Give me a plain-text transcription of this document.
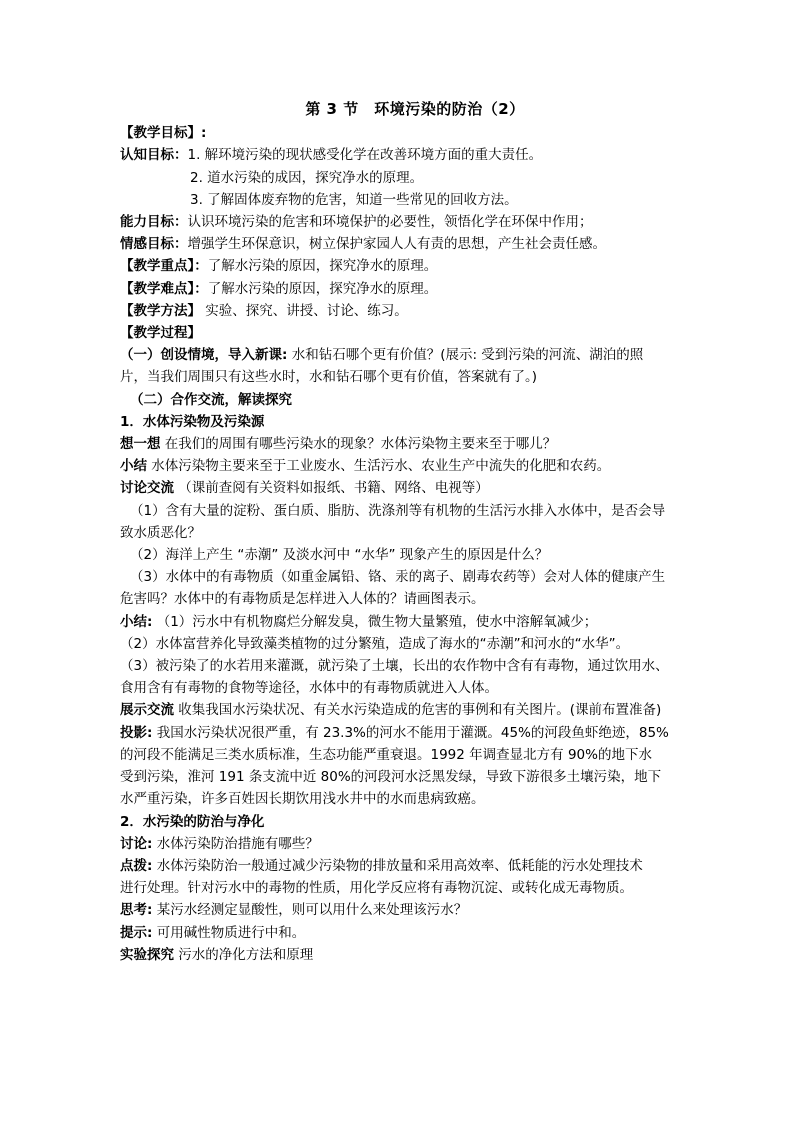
第 3 节　环境污染的防治（2）
【教学目标】:
认知目标：1. 解环境污染的现状感受化学在改善环境方面的重大责任。
2. 道水污染的成因，探究净水的原理。
3. 了解固体废弃物的危害，知道一些常见的回收方法。
能力目标：认识环境污染的危害和环境保护的必要性，领悟化学在环保中作用；
情感目标：增强学生环保意识，树立保护家园人人有责的思想，产生社会责任感。
【教学重点】：了解水污染的原因，探究净水的原理。
【教学难点】：了解水污染的原因，探究净水的原理。
【教学方法】 实验、探究、讲授、讨论、练习。
【教学过程】
（一）创设情境，导入新课: 水和钻石哪个更有价值？(展示: 受到污染的河流、湖泊的照
片，当我们周围只有这些水时，水和钻石哪个更有价值，答案就有了。)
（二）合作交流，解读探究
1．水体污染物及污染源
想一想 在我们的周围有哪些污染水的现象？水体污染物主要来至于哪儿？
小结 水体污染物主要来至于工业废水、生活污水、农业生产中流失的化肥和农药。
讨论交流 （课前查阅有关资料如报纸、书籍、网络、电视等）
（1）含有大量的淀粉、蛋白质、脂肪、洗涤剂等有机物的生活污水排入水体中，是否会导
致水质恶化？
（2）海洋上产生 “赤潮” 及淡水河中 “水华” 现象产生的原因是什么？
（3）水体中的有毒物质（如重金属铅、铬、汞的离子、剧毒农药等）会对人体的健康产生
危害吗？水体中的有毒物质是怎样进入人体的？请画图表示。
小结: （1）污水中有机物腐烂分解发臭，微生物大量繁殖，使水中溶解氧减少；
（2）水体富营养化导致藻类植物的过分繁殖，造成了海水的“赤潮”和河水的“水华”。
（3）被污染了的水若用来灌溉，就污染了土壤，长出的农作物中含有有毒物，通过饮用水、
食用含有有毒物的食物等途径，水体中的有毒物质就进入人体。
展示交流 收集我国水污染状况、有关水污染造成的危害的事例和有关图片。(课前布置准备)
投影: 我国水污染状况很严重，有 23.3%的河水不能用于灌溉。45%的河段鱼虾绝迹，85%
的河段不能满足三类水质标准，生态功能严重衰退。1992 年调查显北方有 90%的地下水
受到污染，淮河 191 条支流中近 80%的河段河水泛黑发绿，导致下游很多土壤污染，地下
水严重污染，许多百姓因长期饮用浅水井中的水而患病致癌。
2．水污染的防治与净化
讨论: 水体污染防治措施有哪些？
点拨: 水体污染防治一般通过减少污染物的排放量和采用高效率、低耗能的污水处理技术
进行处理。针对污水中的毒物的性质，用化学反应将有毒物沉淀、或转化成无毒物质。
思考: 某污水经测定显酸性，则可以用什么来处理该污水？
提示: 可用碱性物质进行中和。
实验探究 污水的净化方法和原理
